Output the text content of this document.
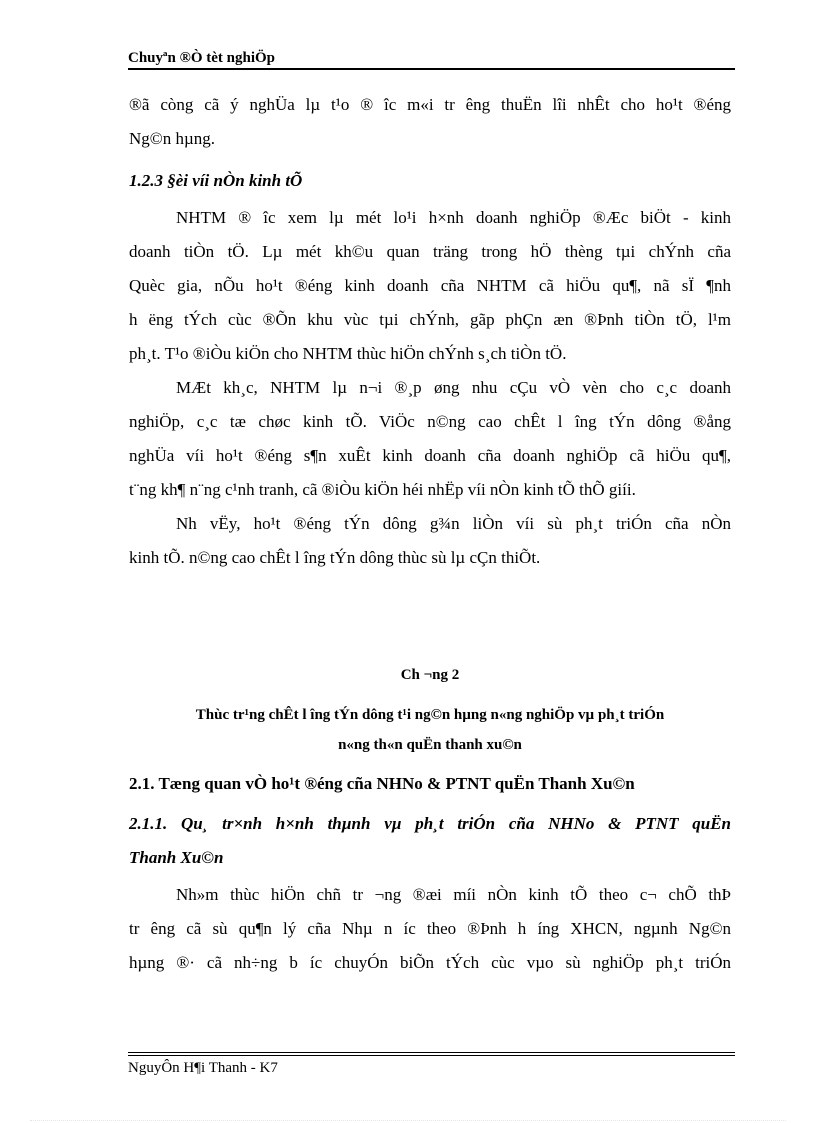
Chuyªn ®Ò tèt nghiÖp

®ã còng cã ý nghÜa lµ t¹o ® îc m«i tr êng thuËn lîi nhÊt cho ho¹t ®éng

Ng©n hµng.

1.2.3 §èi víi nÒn kinh tÕ

NHTM ® îc xem lµ mét lo¹i h×nh doanh nghiÖp ®Æc biÖt - kinh

doanh tiÒn tÖ. Lµ mét kh©u quan träng trong hÖ thèng tµi chÝnh cña

Quèc gia, nÕu ho¹t ®éng kinh doanh cña NHTM cã hiÖu qu¶, nã sÏ ¶nh

h ëng tÝch cùc ®Õn khu vùc tµi chÝnh, gãp phÇn æn ®Þnh tiÒn tÖ, l¹m

ph¸t. T¹o ®iÒu kiÖn cho NHTM thùc hiÖn chÝnh s¸ch tiÒn tÖ.

MÆt kh¸c, NHTM lµ n¬i ®¸p øng nhu cÇu vÒ vèn cho c¸c doanh

nghiÖp, c¸c tæ chøc kinh tÕ. ViÖc n©ng cao chÊt l îng tÝn dông ®ång

nghÜa víi ho¹t ®éng s¶n xuÊt kinh doanh cña doanh nghiÖp cã hiÖu qu¶,

t¨ng kh¶ n¨ng c¹nh tranh, cã ®iÒu kiÖn héi nhËp víi nÒn kinh tÕ thÕ giíi.

Nh vËy, ho¹t ®éng tÝn dông g¾n liÒn víi sù ph¸t triÓn cña nÒn

kinh tÕ. n©ng cao chÊt l îng tÝn dông thùc sù lµ cÇn thiÕt.

Ch ¬ng 2
Thùc tr¹ng chÊt l îng tÝn dông t¹i ng©n hµng n«ng nghiÖp vµ ph¸t triÓn
n«ng th«n quËn thanh xu©n
2.1. Tæng quan vÒ ho¹t ®éng cña NHNo & PTNT quËn Thanh Xu©n
2.1.1. Qu¸ tr×nh h×nh thµnh vµ ph¸t triÓn cña NHNo & PTNT quËn
Thanh Xu©n

Nh»m thùc hiÖn chñ tr ¬ng ®æi míi nÒn kinh tÕ theo c¬ chÕ thÞ

tr êng cã sù qu¶n lý cña Nhµ n íc theo ®Þnh h íng XHCN, ngµnh Ng©n

hµng ®· cã nh÷ng b íc chuyÓn biÕn tÝch cùc vµo sù nghiÖp ph¸t triÓn

NguyÔn H¶i Thanh - K7
